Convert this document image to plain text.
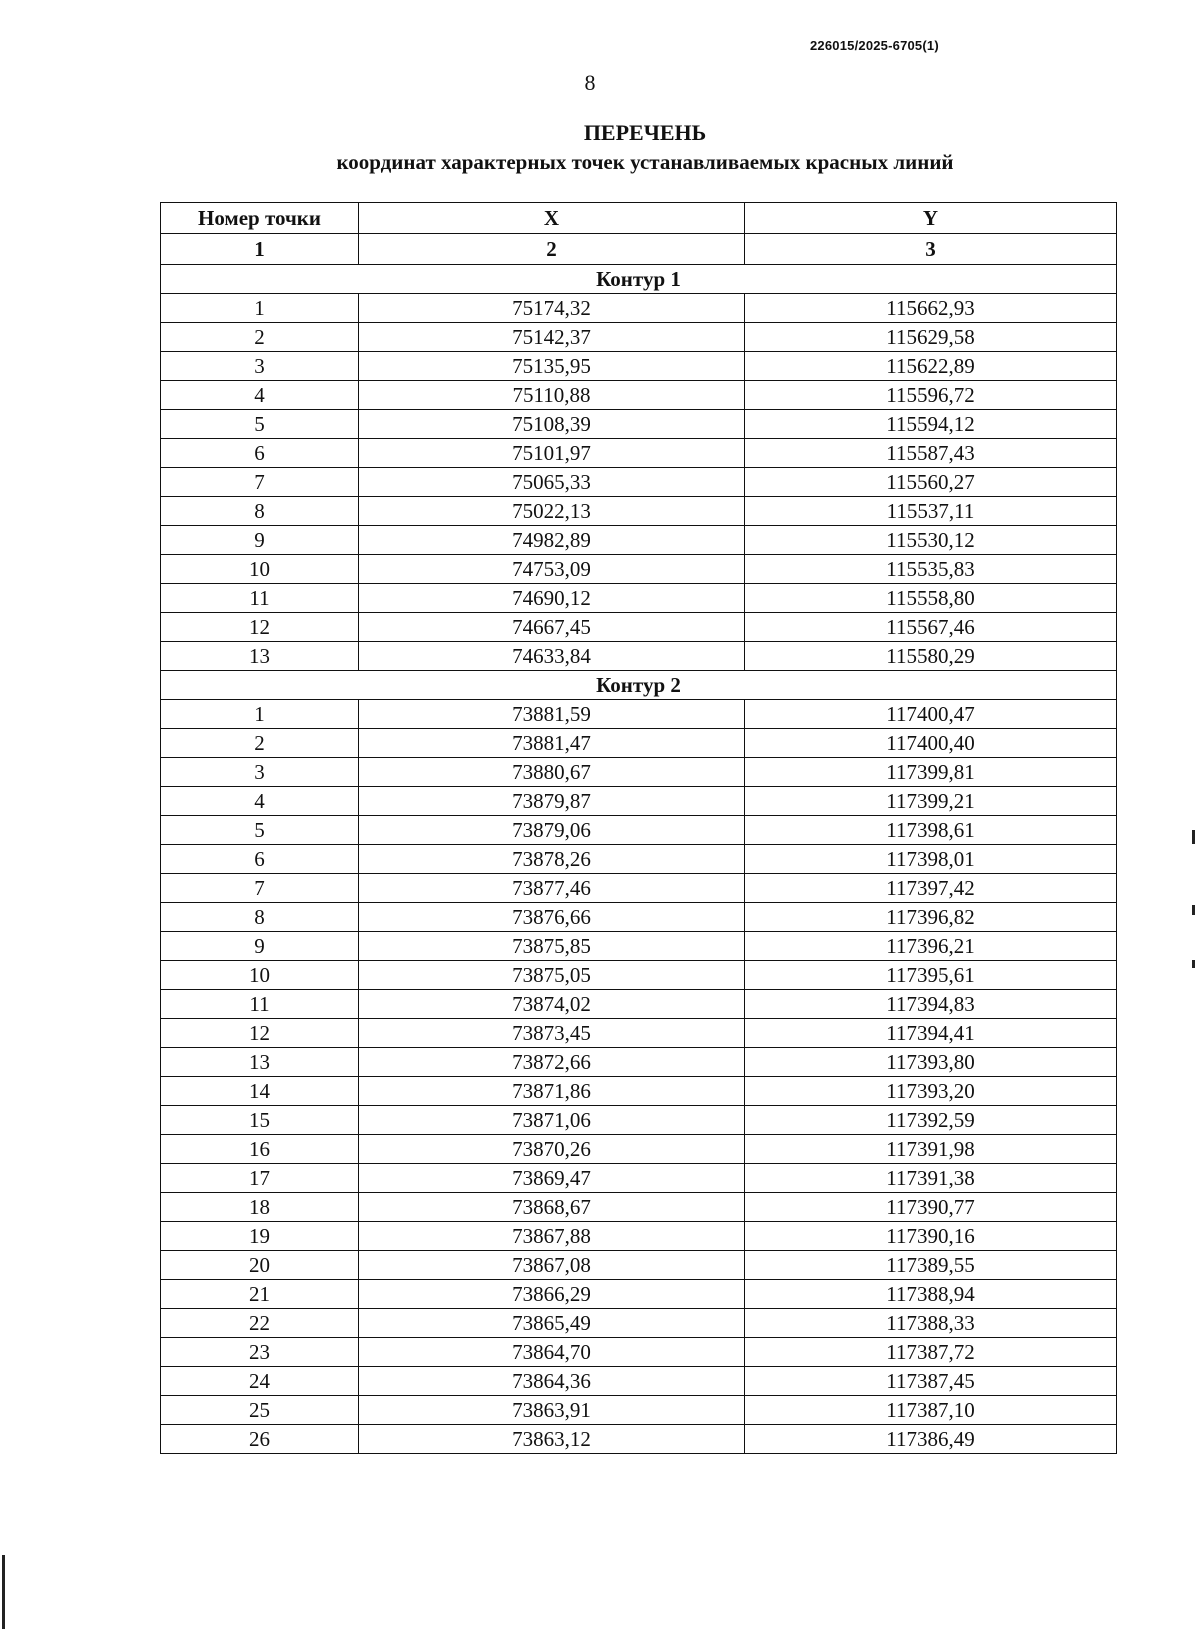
226015/2025-6705(1)
8
ПЕРЕЧЕНЬ
координат характерных точек устанавливаемых красных линий
Номер точки	X	Y
1	2	3
Контур 1		
1	75174,32	115662,93
2	75142,37	115629,58
3	75135,95	115622,89
4	75110,88	115596,72
5	75108,39	115594,12
6	75101,97	115587,43
7	75065,33	115560,27
8	75022,13	115537,11
9	74982,89	115530,12
10	74753,09	115535,83
11	74690,12	115558,80
12	74667,45	115567,46
13	74633,84	115580,29
Контур 2		
1	73881,59	117400,47
2	73881,47	117400,40
3	73880,67	117399,81
4	73879,87	117399,21
5	73879,06	117398,61
6	73878,26	117398,01
7	73877,46	117397,42
8	73876,66	117396,82
9	73875,85	117396,21
10	73875,05	117395,61
11	73874,02	117394,83
12	73873,45	117394,41
13	73872,66	117393,80
14	73871,86	117393,20
15	73871,06	117392,59
16	73870,26	117391,98
17	73869,47	117391,38
18	73868,67	117390,77
19	73867,88	117390,16
20	73867,08	117389,55
21	73866,29	117388,94
22	73865,49	117388,33
23	73864,70	117387,72
24	73864,36	117387,45
25	73863,91	117387,10
26	73863,12	117386,49
